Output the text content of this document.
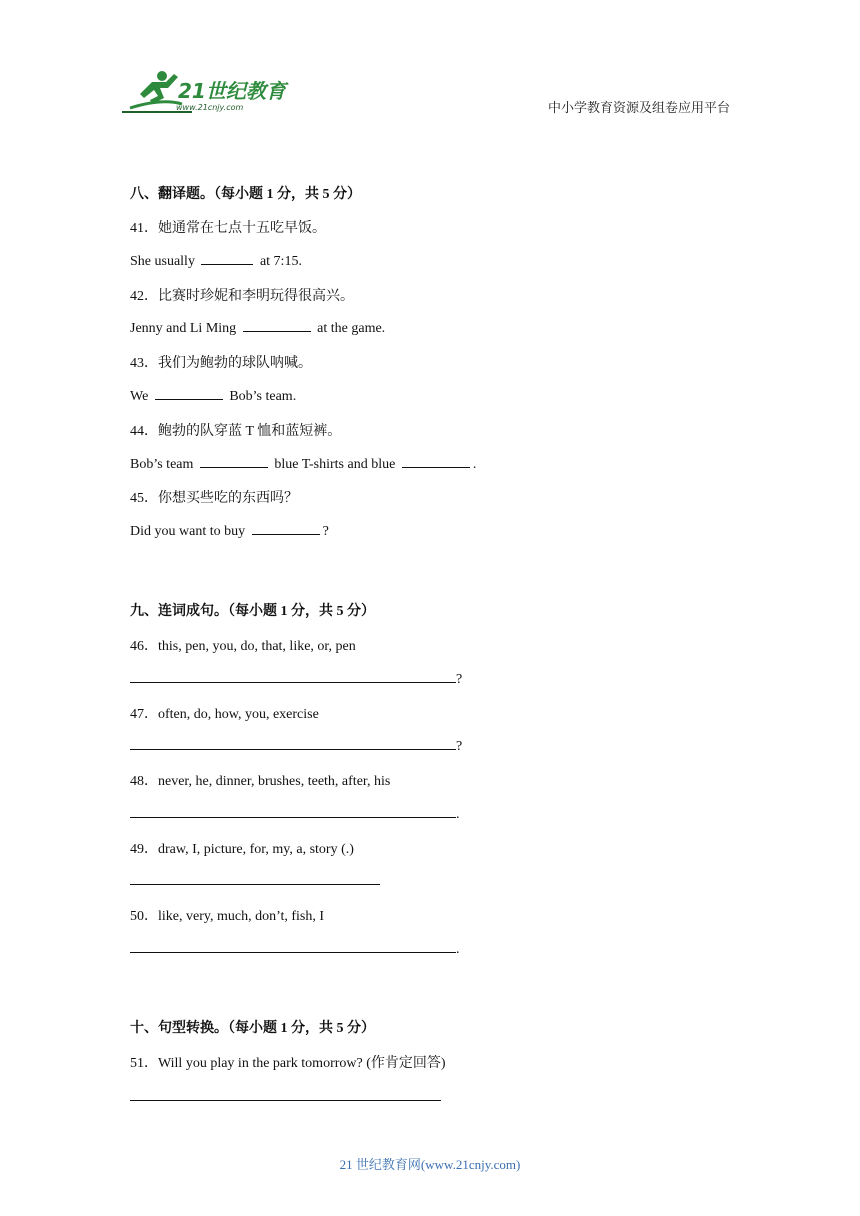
21世纪教育
www.21cnjy.com	中小学教育资源及组卷应用平台
八、翻译题。（每小题 1 分，共 5 分）
41．她通常在七点十五吃早饭。
She usually	at 7:15.
42．比赛时珍妮和李明玩得很高兴。
Jenny and Li Ming	at the game.
43．我们为鲍勃的球队呐喊。
We	Bob’s team.
44．鲍勃的队穿蓝 T 恤和蓝短裤。
Bob’s team	blue T-shirts and blue	.
45．你想买些吃的东西吗？
Did you want to buy	?
九、连词成句。（每小题 1 分，共 5 分）
46．this, pen, you, do, that, like, or, pen
?
47．often, do, how, you, exercise
?
48．never, he, dinner, brushes, teeth, after, his
.
49．draw, I, picture, for, my, a, story (.)
50．like, very, much, don’t, fish, I
.
十、句型转换。（每小题 1 分，共 5 分）
51．Will you play in the park tomorrow? (作肯定回答)
21 世纪教育网(www.21cnjy.com)
